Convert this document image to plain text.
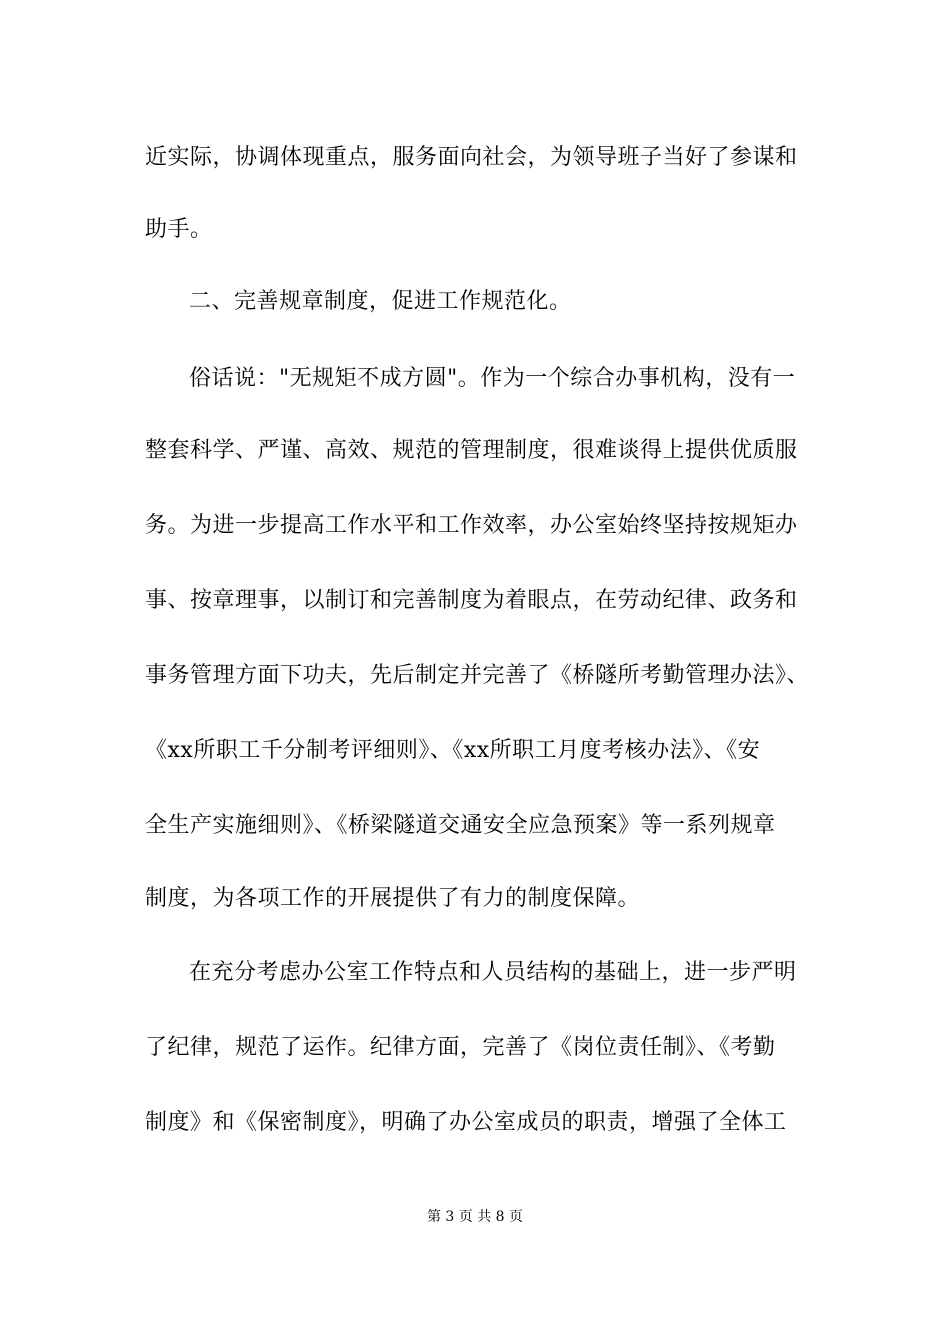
近实际，协调体现重点，服务面向社会，为领导班子当好了参谋和
助手。
二、完善规章制度，促进工作规范化。
俗话说："无规矩不成方圆"。作为一个综合办事机构，没有一
整套科学、严谨、高效、规范的管理制度，很难谈得上提供优质服
务。为进一步提高工作水平和工作效率，办公室始终坚持按规矩办
事、按章理事，以制订和完善制度为着眼点，在劳动纪律、政务和
事务管理方面下功夫，先后制定并完善了《桥隧所考勤管理办法》、
《xx所职工千分制考评细则》、《xx所职工月度考核办法》、《安
全生产实施细则》、《桥梁隧道交通安全应急预案》等一系列规章
制度，为各项工作的开展提供了有力的制度保障。
在充分考虑办公室工作特点和人员结构的基础上，进一步严明
了纪律，规范了运作。纪律方面，完善了《岗位责任制》、《考勤
制度》和《保密制度》，明确了办公室成员的职责，增强了全体工
第 3 页 共 8 页
